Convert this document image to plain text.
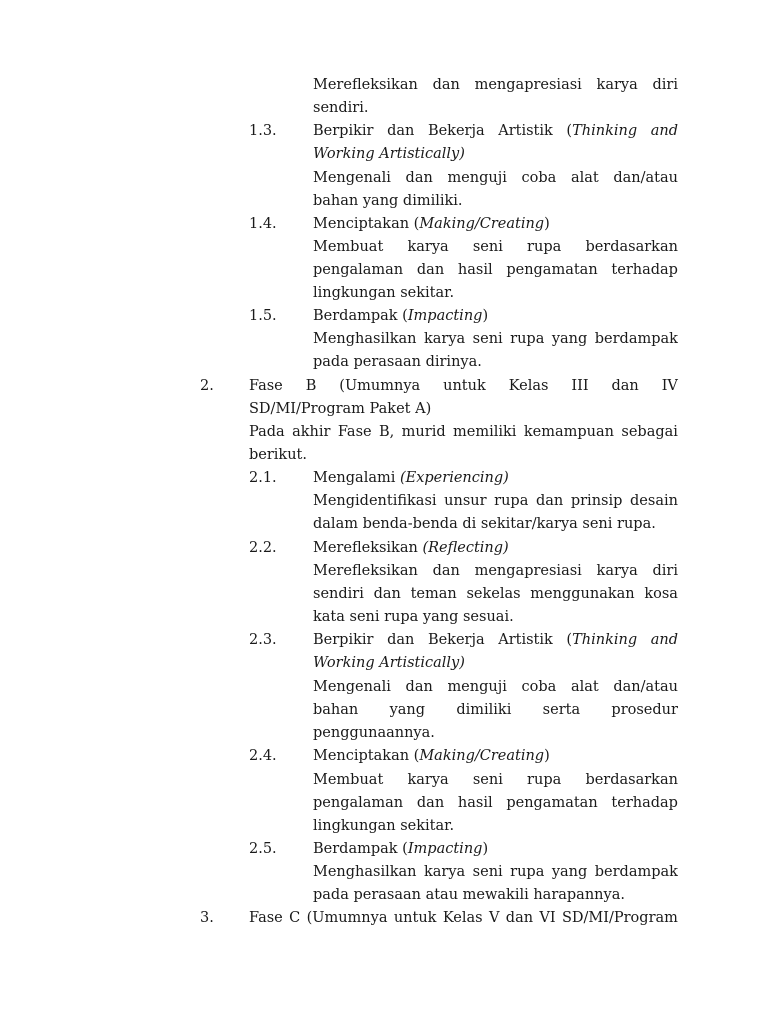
Merefleksikan dan mengapresiasi karya diri
sendiri.
1.3.	Berpikir dan Bekerja Artistik (Thinking and
Working Artistically)
Mengenali dan menguji coba alat dan/atau
bahan yang dimiliki.
1.4.	Menciptakan (Making/Creating)
Membuat karya seni rupa berdasarkan
pengalaman dan hasil pengamatan terhadap
lingkungan sekitar.
1.5.	Berdampak (Impacting)
Menghasilkan karya seni rupa yang berdampak
pada perasaan dirinya.
2. Fase B (Umumnya untuk Kelas III dan IV
SD/MI/Program Paket A)
Pada akhir Fase B, murid memiliki kemampuan sebagai
berikut.
2.1.	Mengalami (Experiencing)
Mengidentifikasi unsur rupa dan prinsip desain
dalam benda-benda di sekitar/karya seni rupa.
2.2.	Merefleksikan (Reflecting)
Merefleksikan dan mengapresiasi karya diri
sendiri dan teman sekelas menggunakan kosa
kata seni rupa yang sesuai.
2.3.	Berpikir dan Bekerja Artistik (Thinking and
Working Artistically)
Mengenali dan menguji coba alat dan/atau
bahan yang dimiliki serta prosedur
penggunaannya.
2.4.	Menciptakan (Making/Creating)
Membuat karya seni rupa berdasarkan
pengalaman dan hasil pengamatan terhadap
lingkungan sekitar.
2.5.	Berdampak (Impacting)
Menghasilkan karya seni rupa yang berdampak
pada perasaan atau mewakili harapannya.
3. Fase C (Umumnya untuk Kelas V dan VI SD/MI/Program
